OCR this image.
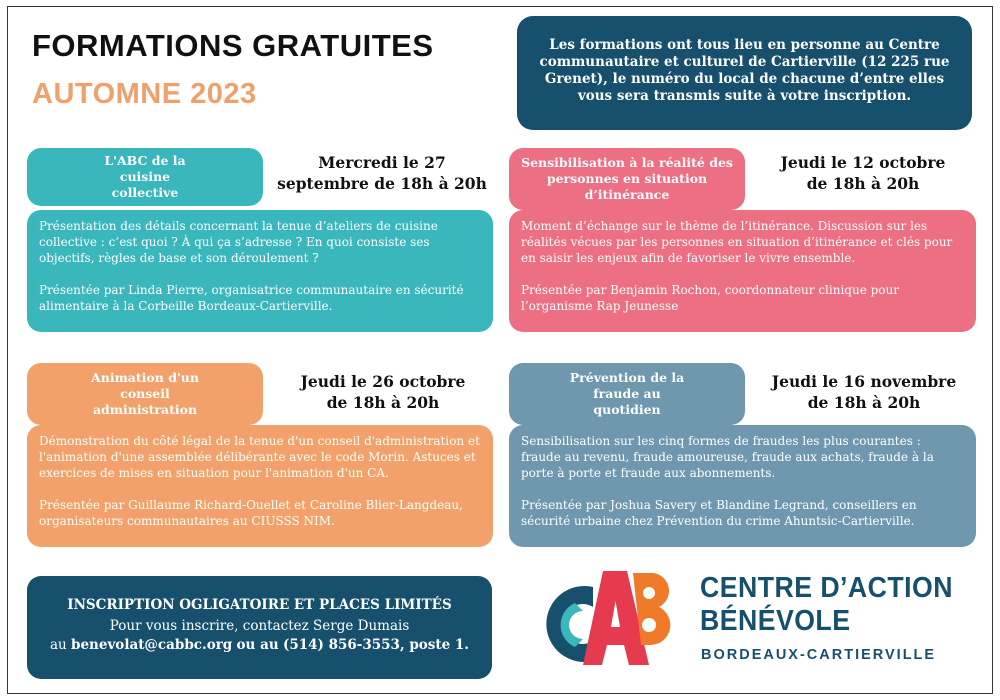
FORMATIONS GRATUITES
AUTOMNE 2023
Les formations ont tous lieu en personne au Centre communautaire et culturel de Cartierville (12 225 rue Grenet), le numéro du local de chacune d’entre elles vous sera transmis suite à votre inscription.
L'ABC de la cuisine collective

Présentation des détails concernant la tenue d’ateliers de cuisine collective : c’est quoi ? À qui ça s’adresse ? En quoi consiste ses objectifs, règles de base et son déroulement ?

Présentée par Linda Pierre, organisatrice communautaire en sécurité alimentaire à la Corbeille Bordeaux-Cartierville.

Mercredi le 27
septembre de 18h à 20h
Sensibilisation à la réalité des personnes en situation d’itinérance

Moment d’échange sur le thème de l’itinérance. Discussion sur les réalités vécues par les personnes en situation d’itinérance et clés pour en saisir les enjeux afin de favoriser le vivre ensemble.

Présentée par Benjamin Rochon, coordonnateur clinique pour l’organisme Rap Jeunesse

Jeudi le 12 octobre
de 18h à 20h
Animation d'un conseil administration

Démonstration du côté légal de la tenue d'un conseil d'administration et l'animation d'une assemblée délibérante avec le code Morin. Astuces et exercices de mises en situation pour l'animation d'un CA.

Présentée par Guillaume Richard-Ouellet et Caroline Blier-Langdeau, organisateurs communautaires au CIUSSS NIM.

Jeudi le 26 octobre
de 18h à 20h
Prévention de la fraude au quotidien

Sensibilisation sur les cinq formes de fraudes les plus courantes : fraude au revenu, fraude amoureuse, fraude aux achats, fraude à la porte à porte et fraude aux abonnements.

Présentée par Joshua Savery et Blandine Legrand, conseillers en sécurité urbaine chez Prévention du crime Ahuntsic-Cartierville.

Jeudi le 16 novembre
de 18h à 20h
INSCRIPTION OGLIGATOIRE ET PLACES LIMITÉS
Pour vous inscrire, contactez Serge Dumais
au benevolat@cabbc.org ou au (514) 856-3553, poste 1.
CENTRE D’ACTION
BÉNÉVOLE
BORDEAUX-CARTIERVILLE
